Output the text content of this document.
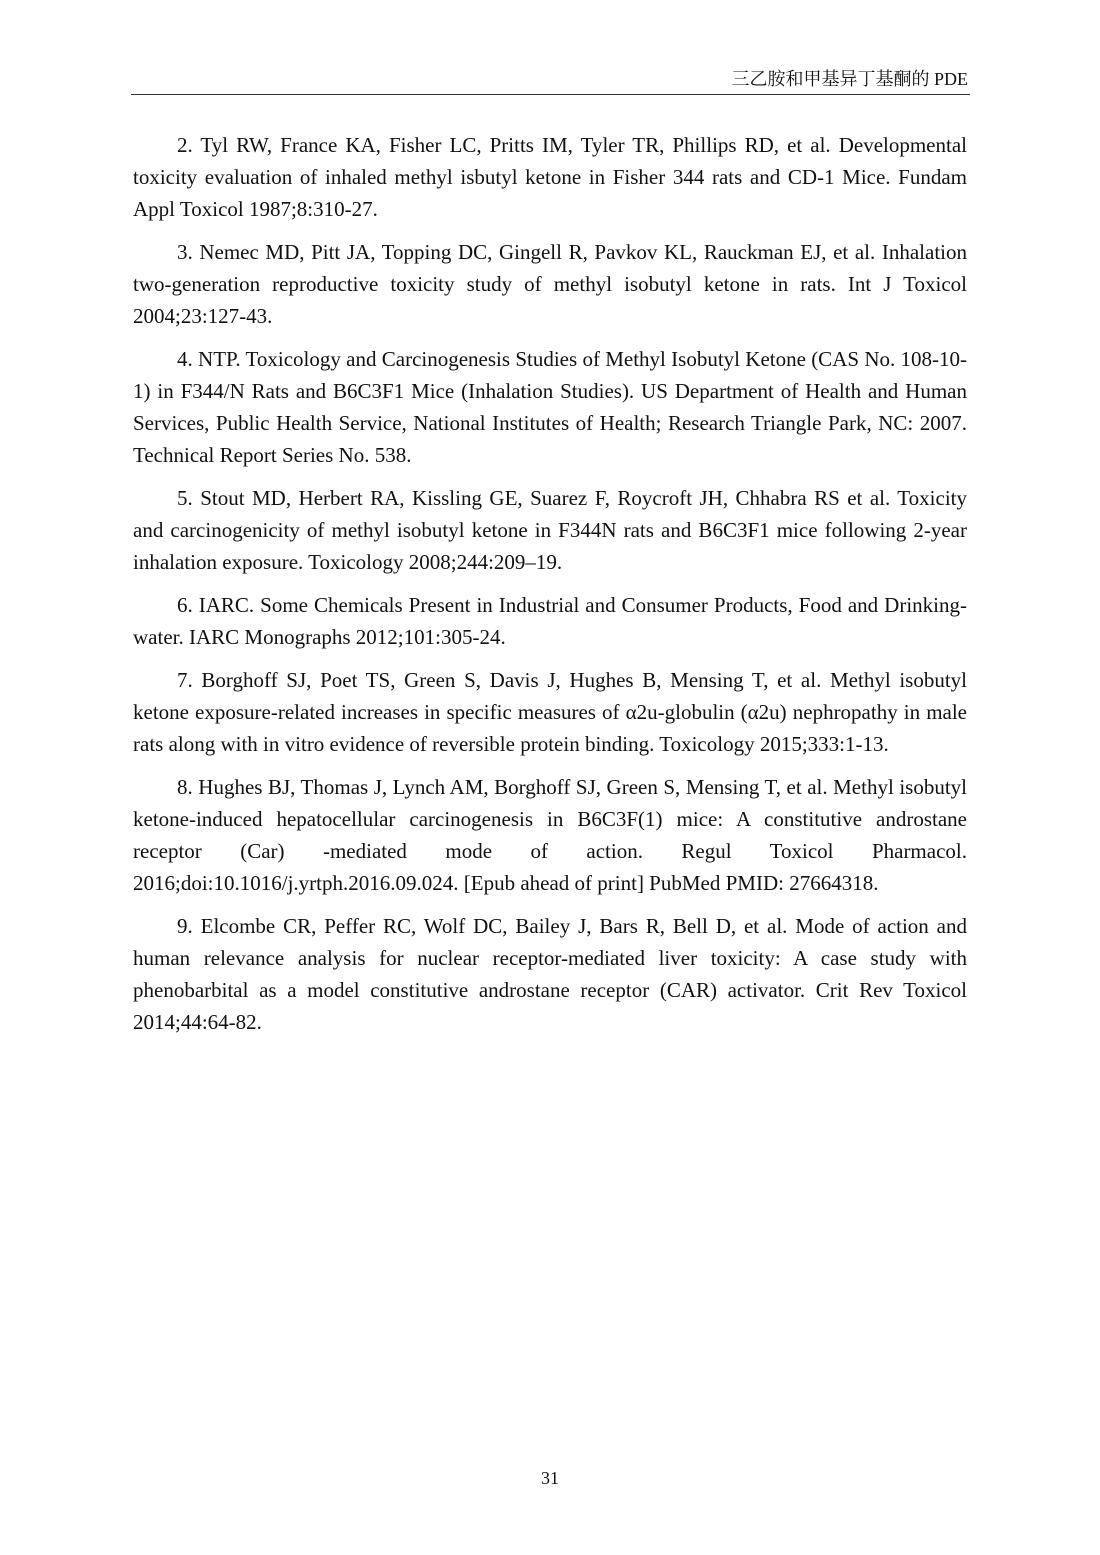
三乙胺和甲基异丁基酮的 PDE

2. Tyl RW, France KA, Fisher LC, Pritts IM, Tyler TR, Phillips RD, et al. Developmental toxicity evaluation of inhaled methyl isbutyl ketone in Fisher 344 rats and CD-1 Mice. Fundam Appl Toxicol 1987;8:310-27.

3. Nemec MD, Pitt JA, Topping DC, Gingell R, Pavkov KL, Rauckman EJ, et al. Inhalation two-generation reproductive toxicity study of methyl isobutyl ketone in rats. Int J Toxicol 2004;23:127-43.

4. NTP. Toxicology and Carcinogenesis Studies of Methyl Isobutyl Ketone (CAS No. 108-10-1) in F344/N Rats and B6C3F1 Mice (Inhalation Studies). US Department of Health and Human Services, Public Health Service, National Institutes of Health; Research Triangle Park, NC: 2007. Technical Report Series No. 538.

5. Stout MD, Herbert RA, Kissling GE, Suarez F, Roycroft JH, Chhabra RS et al. Toxicity and carcinogenicity of methyl isobutyl ketone in F344N rats and B6C3F1 mice following 2-year inhalation exposure. Toxicology 2008;244:209–19.

6. IARC. Some Chemicals Present in Industrial and Consumer Products, Food and Drinking-water. IARC Monographs 2012;101:305-24.

7. Borghoff SJ, Poet TS, Green S, Davis J, Hughes B, Mensing T, et al. Methyl isobutyl ketone exposure-related increases in specific measures of α2u-globulin (α2u) nephropathy in male rats along with in vitro evidence of reversible protein binding. Toxicology 2015;333:1-13.

8. Hughes BJ, Thomas J, Lynch AM, Borghoff SJ, Green S, Mensing T, et al. Methyl isobutyl ketone-induced hepatocellular carcinogenesis in B6C3F(1) mice: A constitutive androstane receptor (Car) -mediated mode of action. Regul Toxicol Pharmacol. 2016;doi:10.1016/j.yrtph.2016.09.024. [Epub ahead of print] PubMed PMID: 27664318.

9. Elcombe CR, Peffer RC, Wolf DC, Bailey J, Bars R, Bell D, et al. Mode of action and human relevance analysis for nuclear receptor-mediated liver toxicity: A case study with phenobarbital as a model constitutive androstane receptor (CAR) activator. Crit Rev Toxicol 2014;44:64-82.

31
